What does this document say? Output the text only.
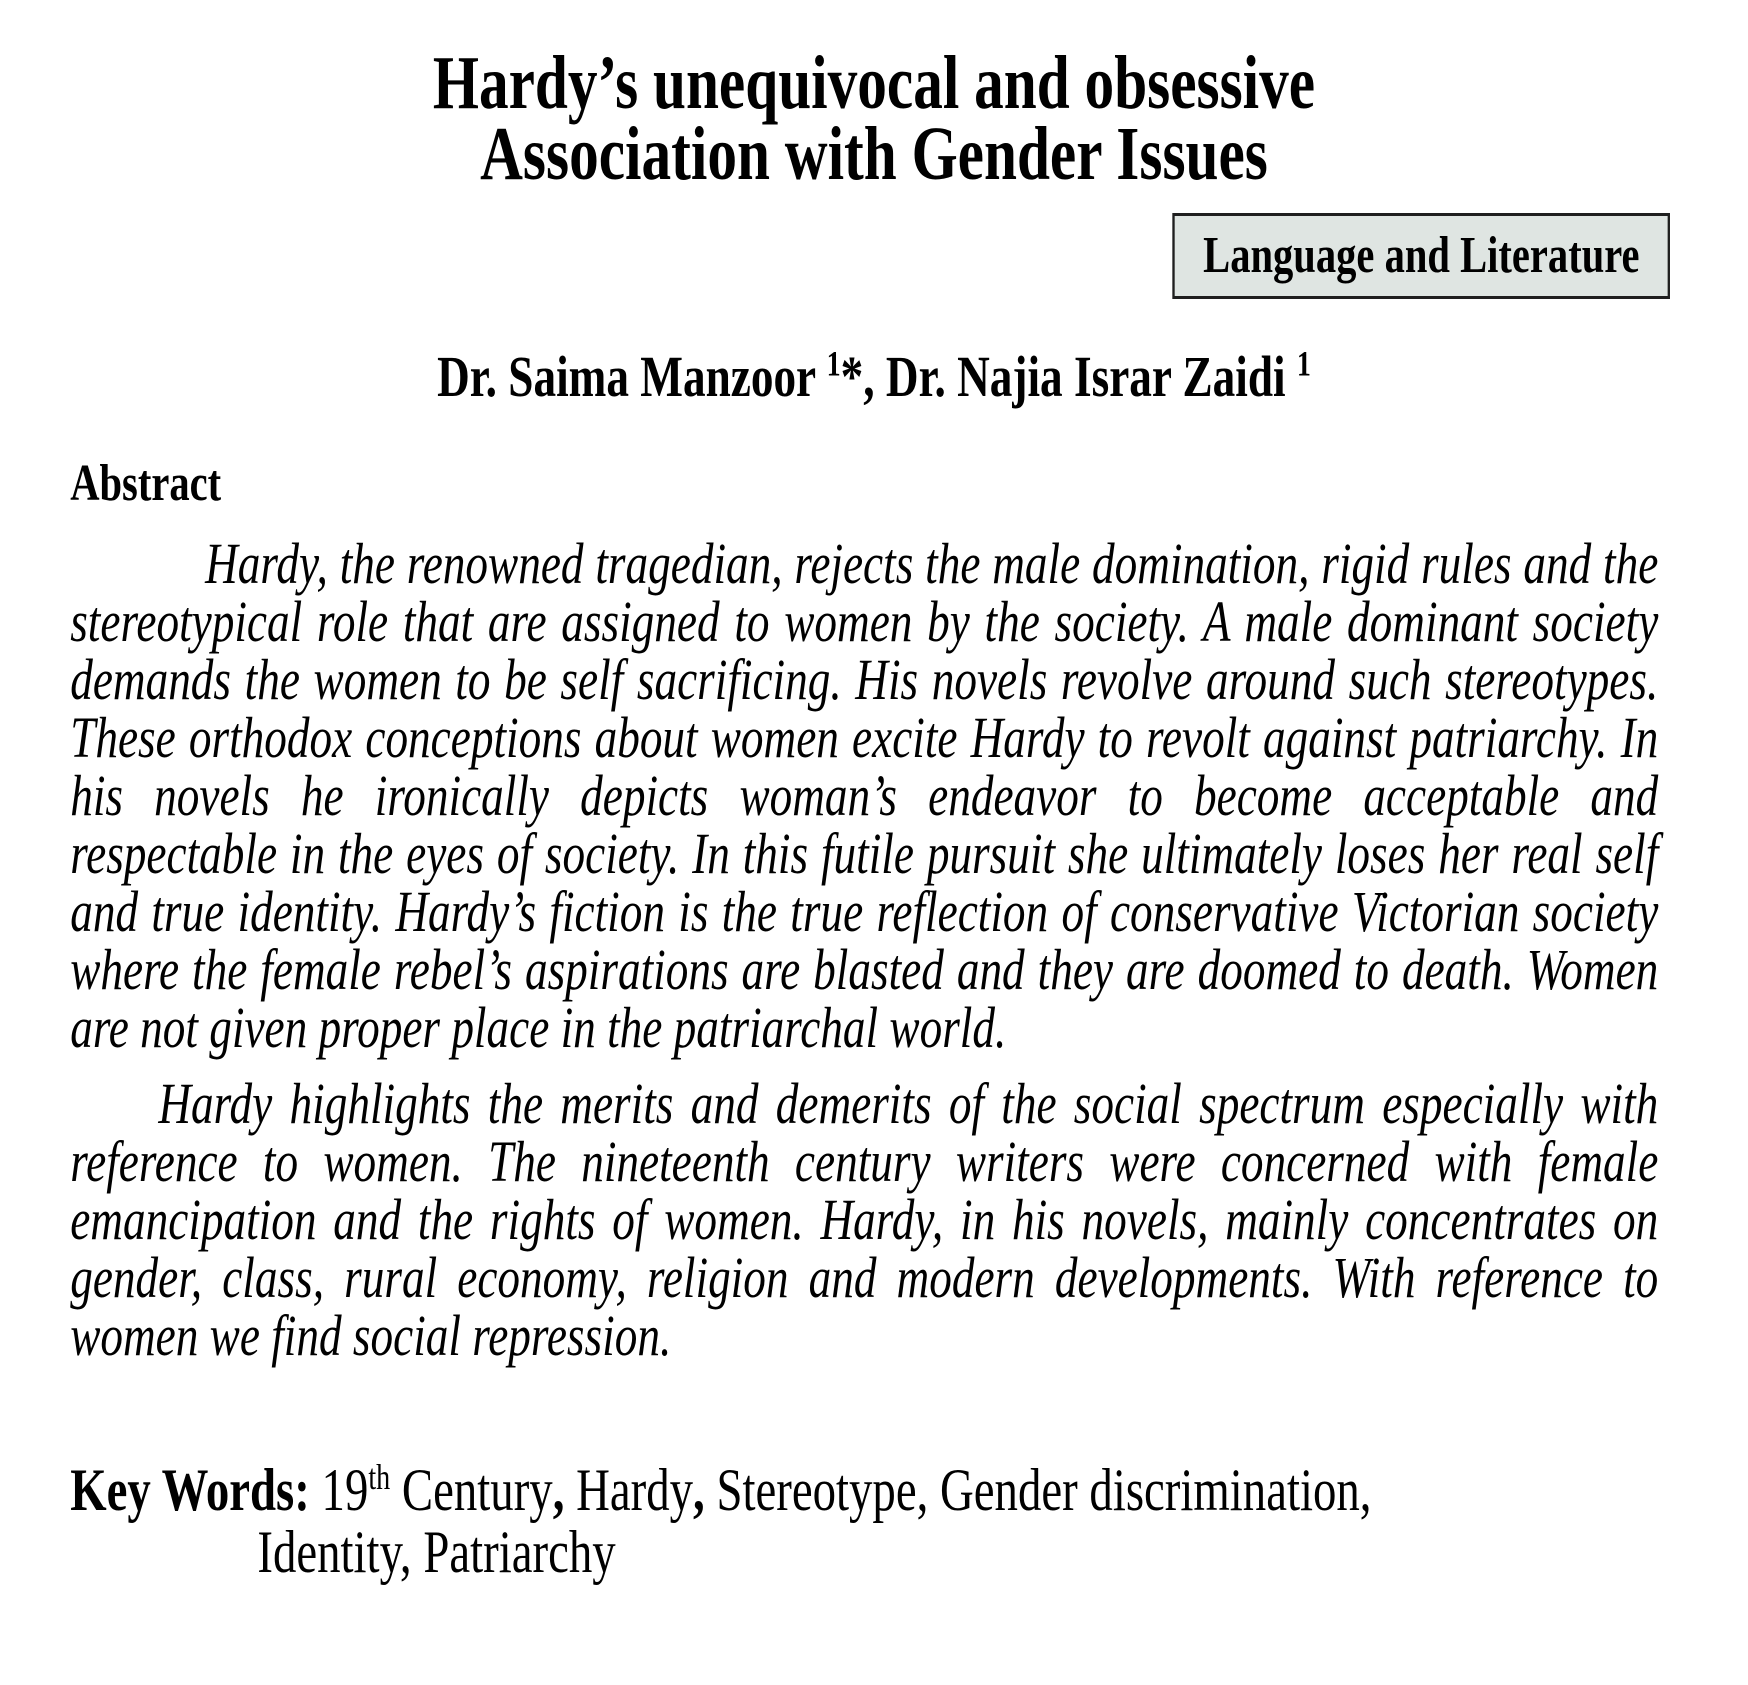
Hardy’s unequivocal and obsessive
Association with Gender Issues
Language and Literature
Dr. Saima Manzoor $^1$*, Dr. Najia Israr Zaidi $^1$
Abstract

Hardy, the renowned tragedian, rejects the male domination, rigid rules and the stereotypical role that are assigned to women by the society. A male dominant society demands the women to be self sacrificing. His novels revolve around such stereotypes. These orthodox conceptions about women excite Hardy to revolt against patriarchy. In his novels he ironically depicts woman’s endeavor to become acceptable and respectable in the eyes of society. In this futile pursuit she ultimately loses her real self and true identity. Hardy’s fiction is the true reflection of conservative Victorian society where the female rebel’s aspirations are blasted and they are doomed to death. Women are not given proper place in the patriarchal world.

Hardy highlights the merits and demerits of the social spectrum especially with reference to women. The nineteenth century writers were concerned with female emancipation and the rights of women. Hardy, in his novels, mainly concentrates on gender, class, rural economy, religion and modern developments. With reference to women we find social repression.

Key Words: 19th Century, Hardy, Stereotype, Gender discrimination,
Identity, Patriarchy
